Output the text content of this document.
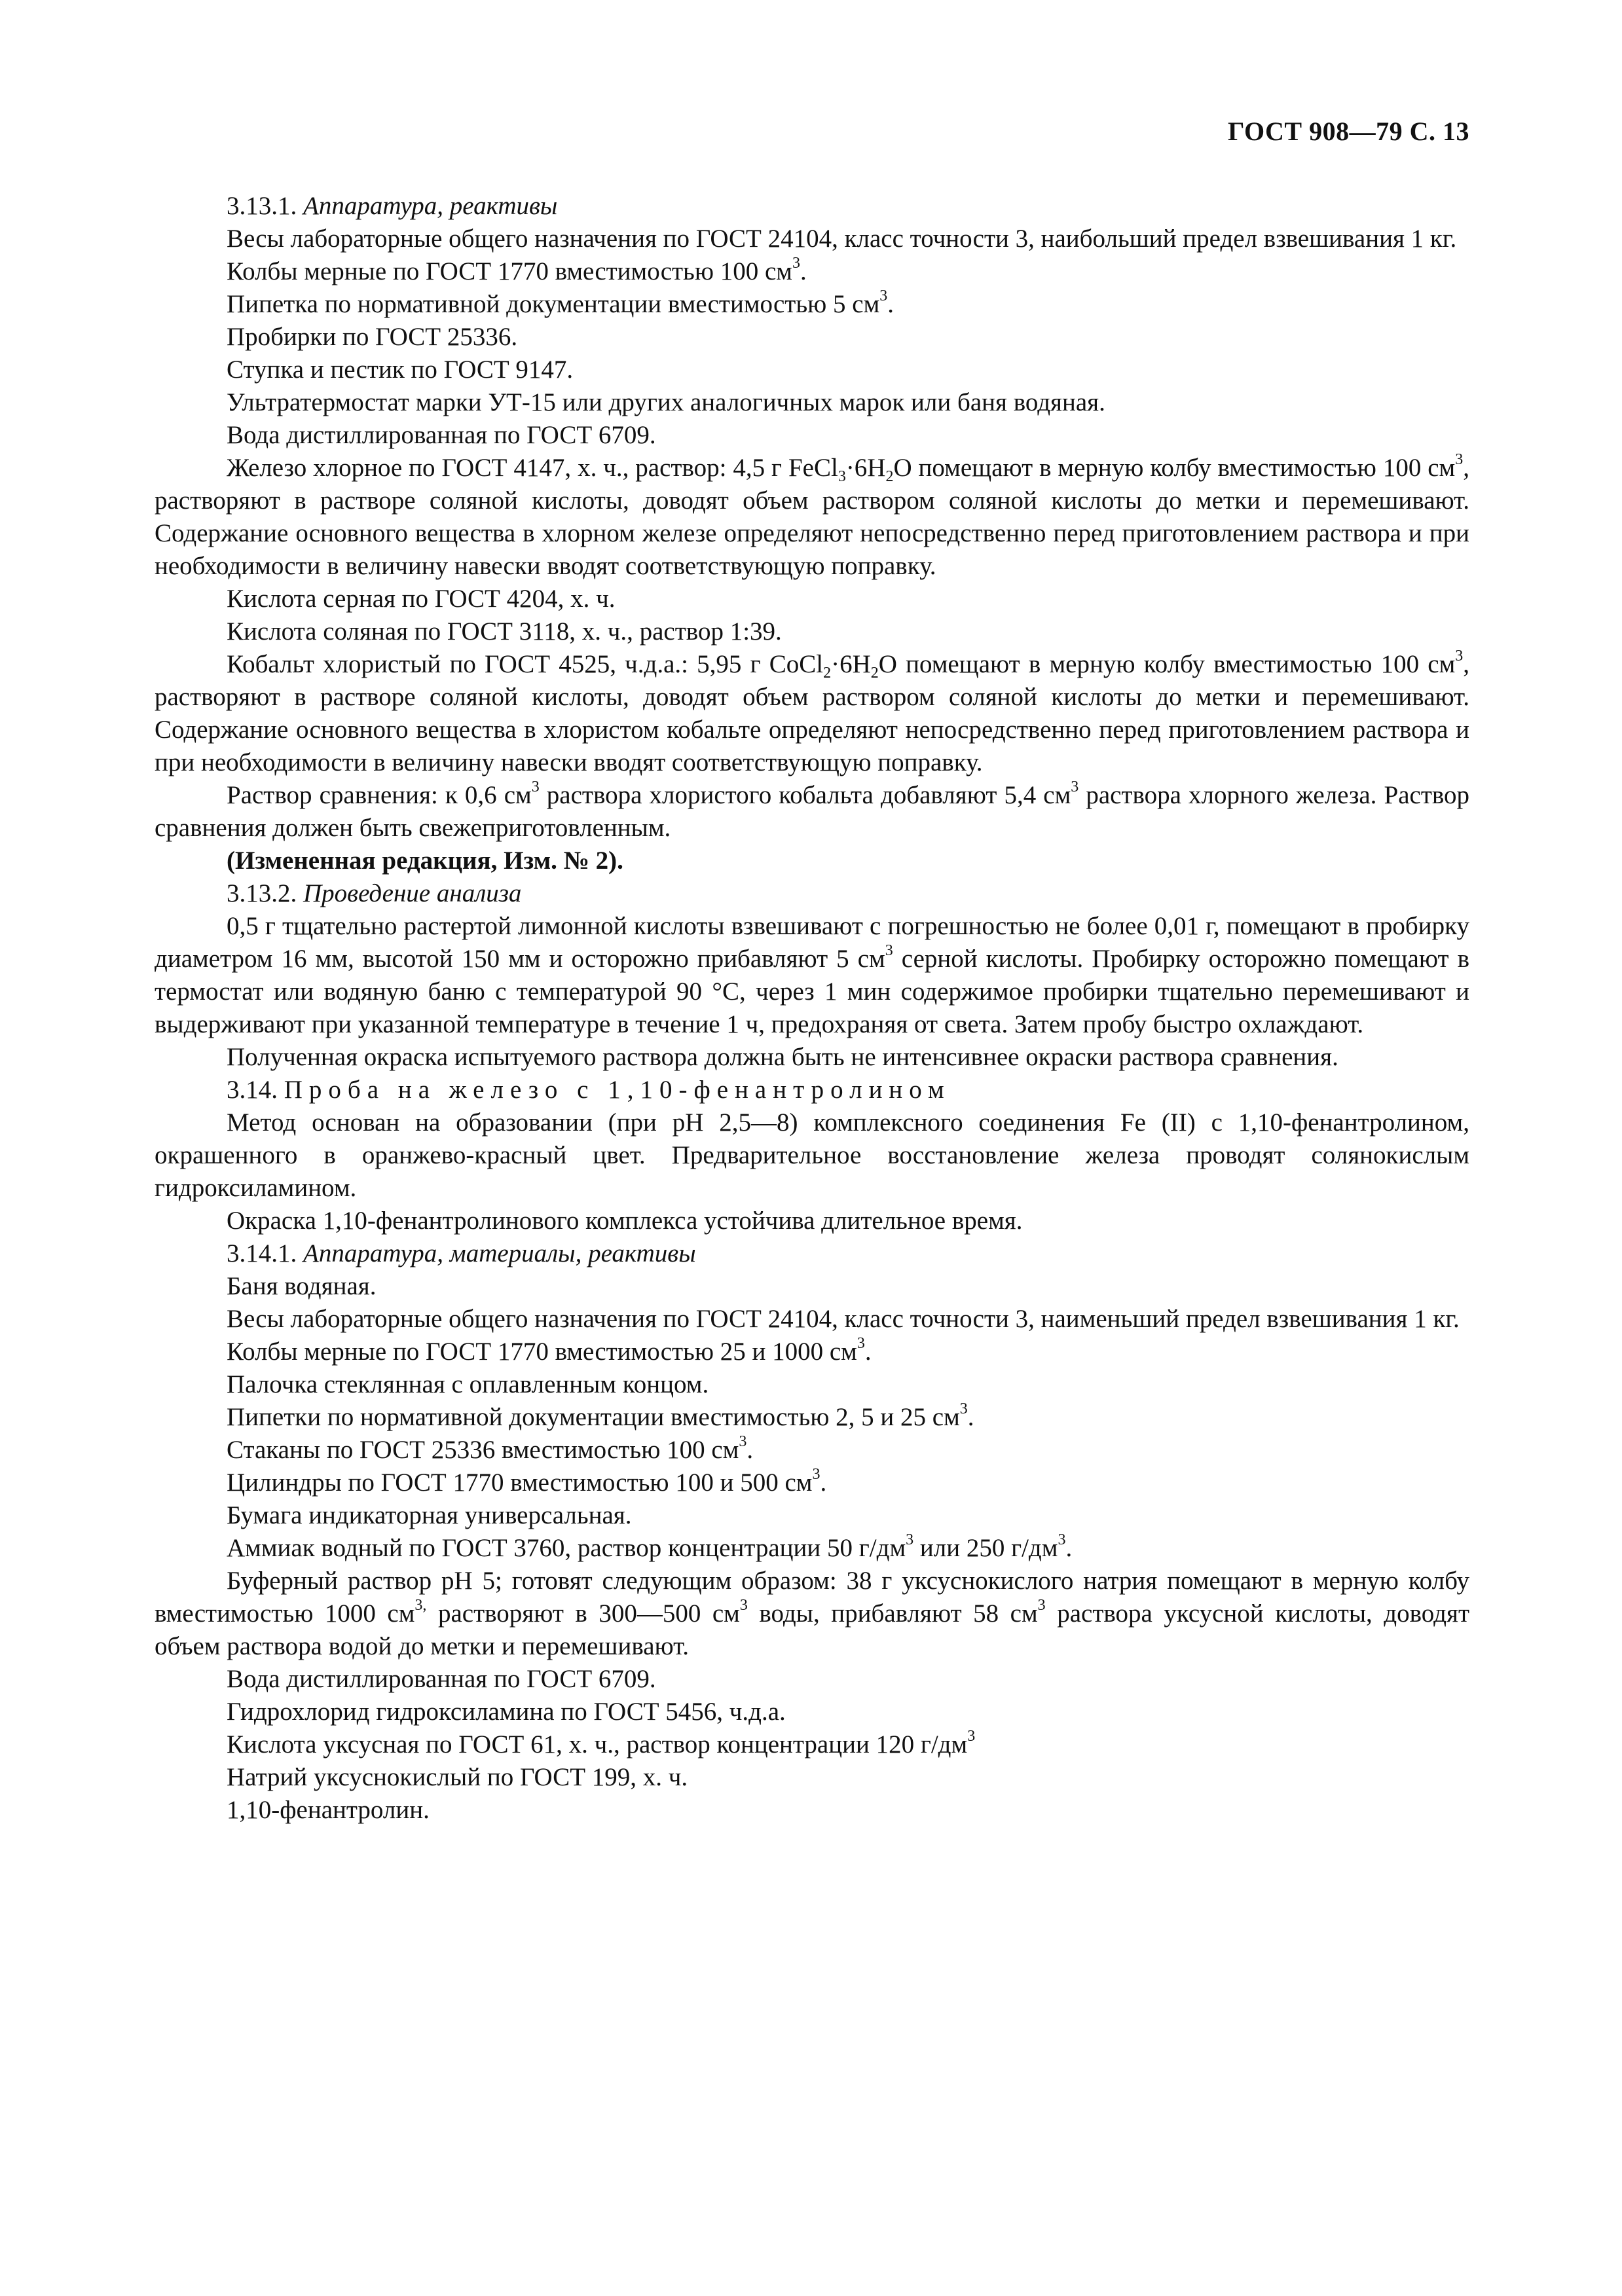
ГОСТ 908—79 С. 13

3.13.1. Аппаратура, реактивы

Весы лабораторные общего назначения по ГОСТ 24104, класс точности 3, наибольший предел взвешивания 1 кг.

Колбы мерные по ГОСТ 1770 вместимостью 100 $см^3$.

Пипетка по нормативной документации вместимостью 5 $см^3$.

Пробирки по ГОСТ 25336.

Ступка и пестик по ГОСТ 9147.

Ультратермостат марки УТ-15 или других аналогичных марок или баня водяная.

Вода дистиллированная по ГОСТ 6709.

Железо хлорное по ГОСТ 4147, х. ч., раствор: 4,5 г $FeCl_3\cdot 6H_2O$ помещают в мерную колбу вместимостью 100 $см^3$, растворяют в растворе соляной кислоты, доводят объем раствором соляной кислоты до метки и перемешивают. Содержание основного вещества в хлорном железе определяют непосредственно перед приготовлением раствора и при необходимости в величину навески вводят соответствующую поправку.

Кислота серная по ГОСТ 4204, х. ч.

Кислота соляная по ГОСТ 3118, х. ч., раствор 1:39.

Кобальт хлористый по ГОСТ 4525, ч.д.а.: 5,95 г $CoCl_2\cdot 6H_2O$ помещают в мерную колбу вместимостью 100 $см^3$, растворяют в растворе соляной кислоты, доводят объем раствором соляной кислоты до метки и перемешивают. Содержание основного вещества в хлористом кобальте определяют непосредственно перед приготовлением раствора и при необходимости в величину навески вводят соответствующую поправку.

Раствор сравнения: к 0,6 $см^3$ раствора хлористого кобальта добавляют 5,4 $см^3$ раствора хлорного железа. Раствор сравнения должен быть свежеприготовленным.

(Измененная редакция, Изм. № 2).

3.13.2. Проведение анализа

0,5 г тщательно растертой лимонной кислоты взвешивают с погрешностью не более 0,01 г, помещают в пробирку диаметром 16 мм, высотой 150 мм и осторожно прибавляют 5 $см^3$ серной кислоты. Пробирку осторожно помещают в термостат или водяную баню с температурой 90 °С, через 1 мин содержимое пробирки тщательно перемешивают и выдерживают при указанной температуре в течение 1 ч, предохраняя от света. Затем пробу быстро охлаждают.

Полученная окраска испытуемого раствора должна быть не интенсивнее окраски раствора сравнения.

3.14. Проба на железо с 1,10-фенантролином

Метод основан на образовании (при рН 2,5—8) комплексного соединения Fe (II) с 1,10-фенантролином, окрашенного в оранжево-красный цвет. Предварительное восстановление железа проводят солянокислым гидроксиламином.

Окраска 1,10-фенантролинового комплекса устойчива длительное время.

3.14.1. Аппаратура, материалы, реактивы

Баня водяная.

Весы лабораторные общего назначения по ГОСТ 24104, класс точности 3, наименьший предел взвешивания 1 кг.

Колбы мерные по ГОСТ 1770 вместимостью 25 и 1000 $см^3$.

Палочка стеклянная с оплавленным концом.

Пипетки по нормативной документации вместимостью 2, 5 и 25 $см^3$.

Стаканы по ГОСТ 25336 вместимостью 100 $см^3$.

Цилиндры по ГОСТ 1770 вместимостью 100 и 500 $см^3$.

Бумага индикаторная универсальная.

Аммиак водный по ГОСТ 3760, раствор концентрации 50 $г/дм^3$ или 250 $г/дм^3$.

Буферный раствор рН 5; готовят следующим образом: 38 г уксуснокислого натрия помещают в мерную колбу вместимостью 1000 $см^{3,}$ растворяют в 300—500 $см^3$ воды, прибавляют 58 $см^3$ раствора уксусной кислоты, доводят объем раствора водой до метки и перемешивают.

Вода дистиллированная по ГОСТ 6709.

Гидрохлорид гидроксиламина по ГОСТ 5456, ч.д.а.

Кислота уксусная по ГОСТ 61, х. ч., раствор концентрации 120 $г/дм^3$

Натрий уксуснокислый по ГОСТ 199, х. ч.

1,10-фенантролин.
